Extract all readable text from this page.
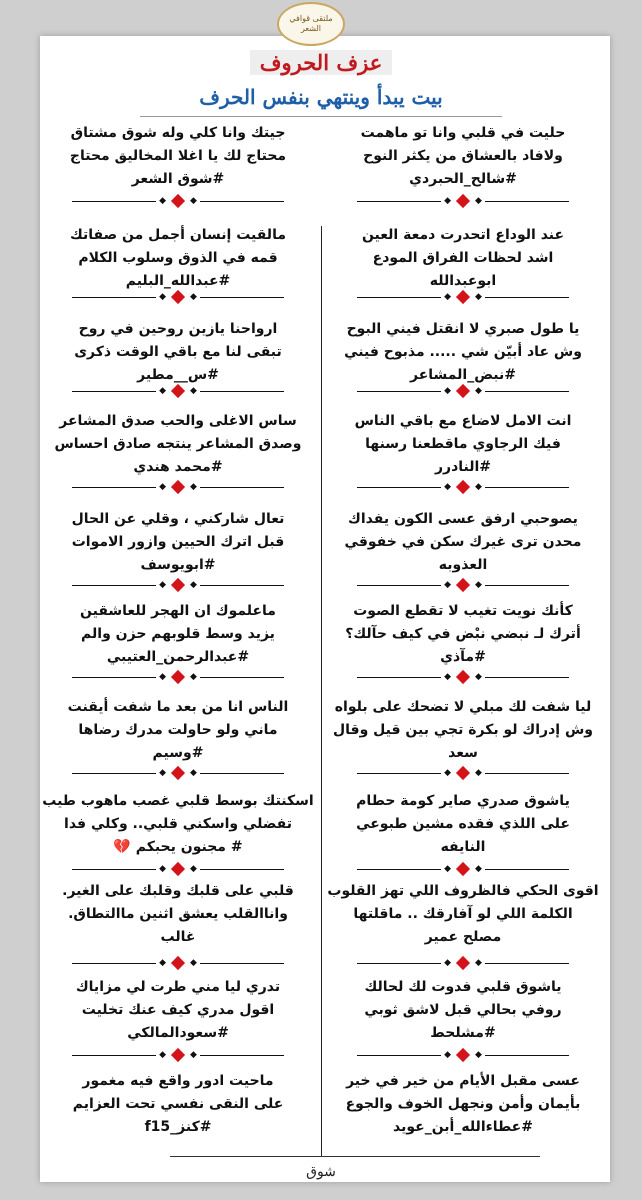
ملتقى قوافي الشعر
عزف الحروف
بيت يبدأ وينتهي بنفس الحرف
حليت في قلبي وانا تو ماهمت
ولافاد بالعشاق من يكثر النوح
#شالح_الحبردي
جيتك وانا كلي وله شوق مشتاق
محتاج لك يا اغلا المخاليق محتاج
#شوق الشعر
عند الوداع اتحدرت دمعة العين
اشد لحظات الفراق المودع
ابوعبدالله
مالقيت إنسان أجمل من صفاتك
قمه في الذوق وسلوب الكلام
#عبدالله_البليم
يا طول صبري لا انقتل فيني البوح
وش عاد أبيّن شي ..... مذبوح فيني
#نبض_المشاعر
ارواحنا يازين روحين في روح
تبقى لنا مع باقي الوقت ذكرى
#س__مطير
انت الامل لاضاع مع باقي الناس
فيك الرجاوي ماقطعنا رسنها
#النادرر
ساس الاغلى والحب صدق المشاعر
وصدق المشاعر ينتجه صادق احساس
#محمد هندي
يصوحبي ارفق عسى الكون يفداك
محدن ترى غيرك سكن في خفوقي
العذوبه
تعال شاركني ، وقلي عن الحال
قبل اترك الحيين وازور الاموات
#ابويوسف
كأنك نويت تغيب لا تقطع الصوت
أترك لـ نبضي نبْض في كيف حآلك؟
#مآذي
ماعلموك ان الهجر للعاشقين
يزيد وسط قلوبهم حزن والم
#عبدالرحمن_العتيبي
ليا شفت لك مبلي لا تضحك على بلواه
وش إدراك لو بكرة تجي بين قيل وقال
سعد
الناس انا من بعد ما شفت أيقنت
ماني ولو حاولت مدرك رضاها
#وسيم
ياشوق صدري صاير كومة حطام
على اللذي فقده مشين طبوعي
النايفه
اسكنتك بوسط قلبي غصب ماهوب طيب
تفضلي واسكني قلبي.. وكلي فدا
# مجنون يحبكم 💔
اقوى الحكي فالظروف اللي تهز القلوب
الكلمة اللي لو آفارقك .. ماقلتها
مصلح عمير
قلبي على قلبك وقلبك على الغير.
واناالقلب يعشق اثنين ماالتطاق.
غالب
ياشوق قلبي فدوت لك لحالك
روفي بحالي قبل لاشق ثوبي
#مشلحط
تدري ليا مني طرت لي مزاياك
اقول مدري كيف عنك تخليت
#سعودالمالكي
عسى مقبل الأيام من خير في خير
بأيمان وأمن ونجهل الخوف والجوع
#عطاءالله_أبن_عويد
ماحيت ادور واقع فيه مغمور
على النقى نفسي تحت العزايم
#كنز_f15
◆	◆
◆	◆
◆	◆
◆	◆
◆	◆
◆	◆
◆	◆
◆	◆
◆	◆
◆	◆
◆	◆
◆	◆
◆	◆
◆	◆
◆	◆
◆	◆
◆	◆
◆	◆
◆	◆
◆	◆
شوق
